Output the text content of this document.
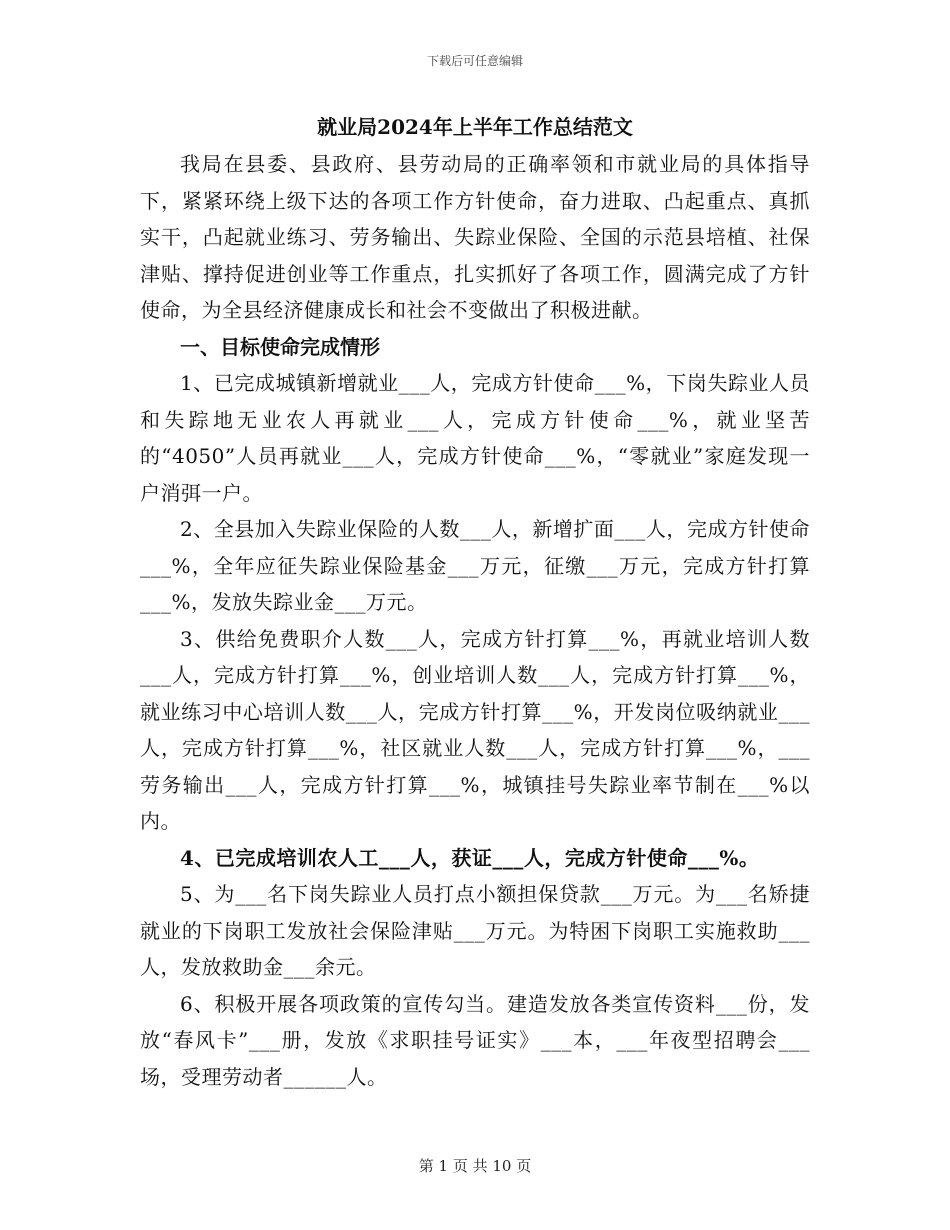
下载后可任意编辑
就业局2024年上半年工作总结范文

我局在县委、县政府、县劳动局的正确率领和市就业局的具体指导下，紧紧环绕上级下达的各项工作方针使命，奋力进取、凸起重点、真抓实干，凸起就业练习、劳务输出、失踪业保险、全国的示范县培植、社保津贴、撑持促进创业等工作重点，扎实抓好了各项工作，圆满完成了方针使命，为全县经济健康成长和社会不变做出了积极进献。

一、目标使命完成情形

1、已完成城镇新增就业___人，完成方针使命___%，下岗失踪业人员和失踪地无业农人再就业___人，完成方针使命___%，就业坚苦的“4050”人员再就业___人，完成方针使命___%，“零就业”家庭发现一户消弭一户。

2、全县加入失踪业保险的人数___人，新增扩面___人，完成方针使命___%，全年应征失踪业保险基金___万元，征缴___万元，完成方针打算___%，发放失踪业金___万元。

3、供给免费职介人数___人，完成方针打算___%，再就业培训人数___人，完成方针打算___%，创业培训人数___人，完成方针打算___%，就业练习中心培训人数___人，完成方针打算___%，开发岗位吸纳就业___人，完成方针打算___%，社区就业人数___人，完成方针打算___%，___劳务输出___人，完成方针打算___%，城镇挂号失踪业率节制在___%以内。

4、已完成培训农人工___人，获证___人，完成方针使命___%。

5、为___名下岗失踪业人员打点小额担保贷款___万元。为___名矫捷就业的下岗职工发放社会保险津贴___万元。为特困下岗职工实施救助___人，发放救助金___余元。

6、积极开展各项政策的宣传勾当。建造发放各类宣传资料___份，发放“春风卡”___册，发放《求职挂号证实》___本，___年夜型招聘会___场，受理劳动者______人。

第 1 页 共 10 页
